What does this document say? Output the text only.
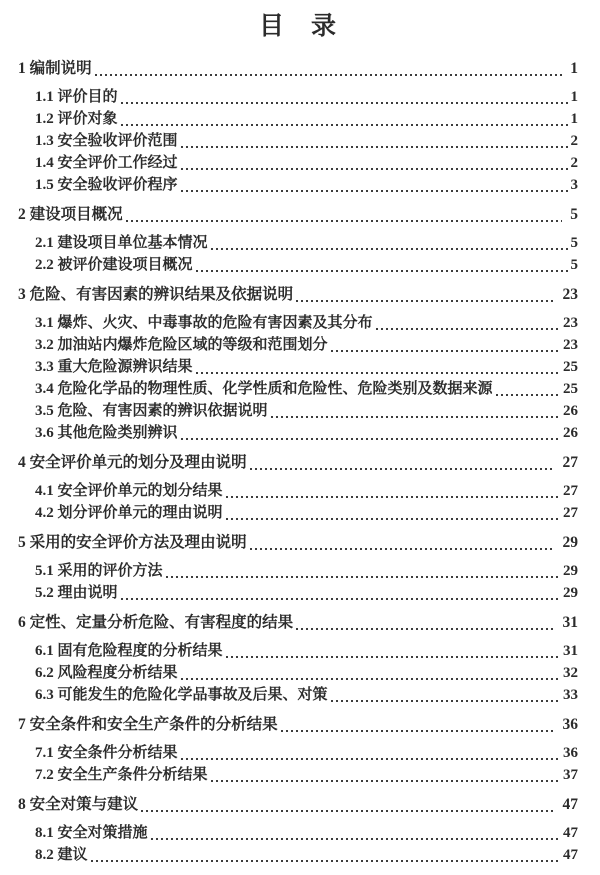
目　录
1 编制说明	1
1.1 评价目的	1
1.2 评价对象	1
1.3 安全验收评价范围	2
1.4 安全评价工作经过	2
1.5 安全验收评价程序	3
2 建设项目概况	5
2.1 建设项目单位基本情况	5
2.2 被评价建设项目概况	5
3 危险、有害因素的辨识结果及依据说明	23
3.1 爆炸、火灾、中毒事故的危险有害因素及其分布	23
3.2 加油站内爆炸危险区域的等级和范围划分	23
3.3 重大危险源辨识结果	25
3.4 危险化学品的物理性质、化学性质和危险性、危险类别及数据来源	25
3.5 危险、有害因素的辨识依据说明	26
3.6 其他危险类别辨识	26
4 安全评价单元的划分及理由说明	27
4.1 安全评价单元的划分结果	27
4.2 划分评价单元的理由说明	27
5 采用的安全评价方法及理由说明	29
5.1 采用的评价方法	29
5.2 理由说明	29
6 定性、定量分析危险、有害程度的结果	31
6.1 固有危险程度的分析结果	31
6.2 风险程度分析结果	32
6.3 可能发生的危险化学品事故及后果、对策	33
7 安全条件和安全生产条件的分析结果	36
7.1 安全条件分析结果	36
7.2 安全生产条件分析结果	37
8 安全对策与建议	47
8.1 安全对策措施	47
8.2 建议	47
